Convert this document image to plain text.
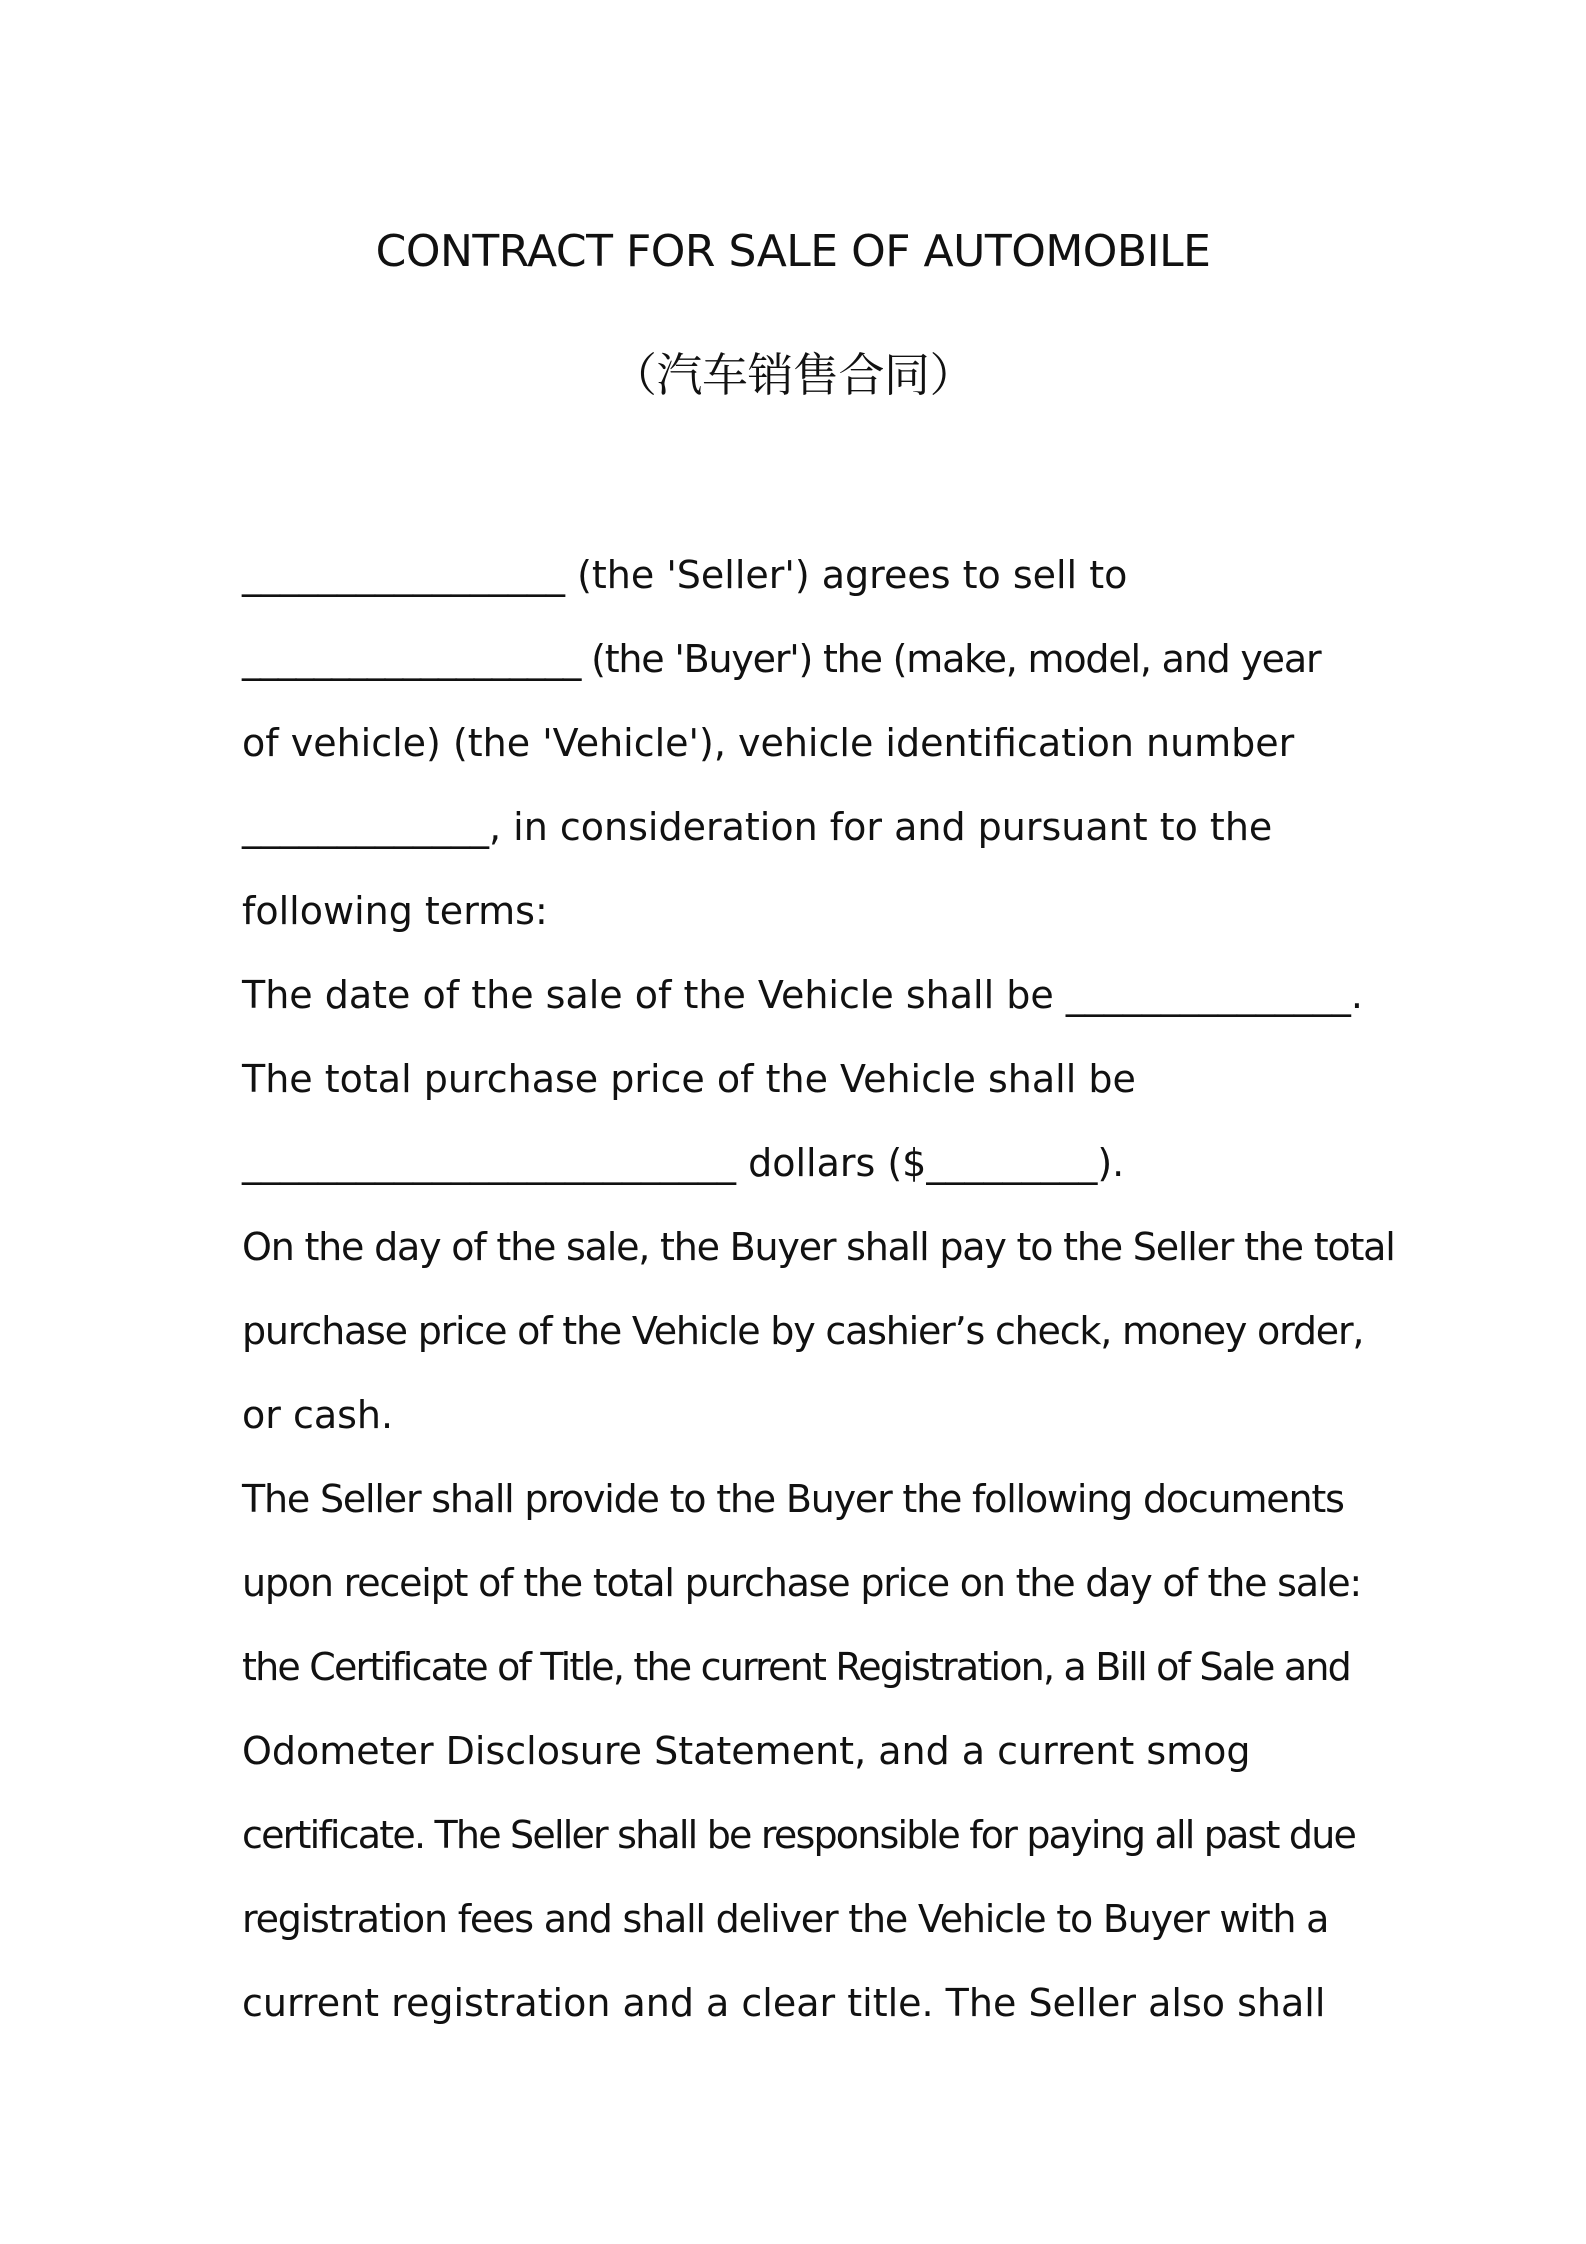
CONTRACT FOR SALE OF AUTOMOBILE
（汽车销售合同）
_________________ (the 'Seller') agrees to sell to
___________________ (the 'Buyer') the (make, model, and year
of vehicle) (the 'Vehicle'), vehicle identification number
_____________, in consideration for and pursuant to the
following terms:
The date of the sale of the Vehicle shall be _______________.
The total purchase price of the Vehicle shall be
__________________________ dollars ($_________).
On the day of the sale, the Buyer shall pay to the Seller the total
purchase price of the Vehicle by cashier’s check, money order,
or cash.
The Seller shall provide to the Buyer the following documents
upon receipt of the total purchase price on the day of the sale:
the Certificate of Title, the current Registration, a Bill of Sale and
Odometer Disclosure Statement, and a current smog
certificate. The Seller shall be responsible for paying all past due
registration fees and shall deliver the Vehicle to Buyer with a
current registration and a clear title. The Seller also shall
